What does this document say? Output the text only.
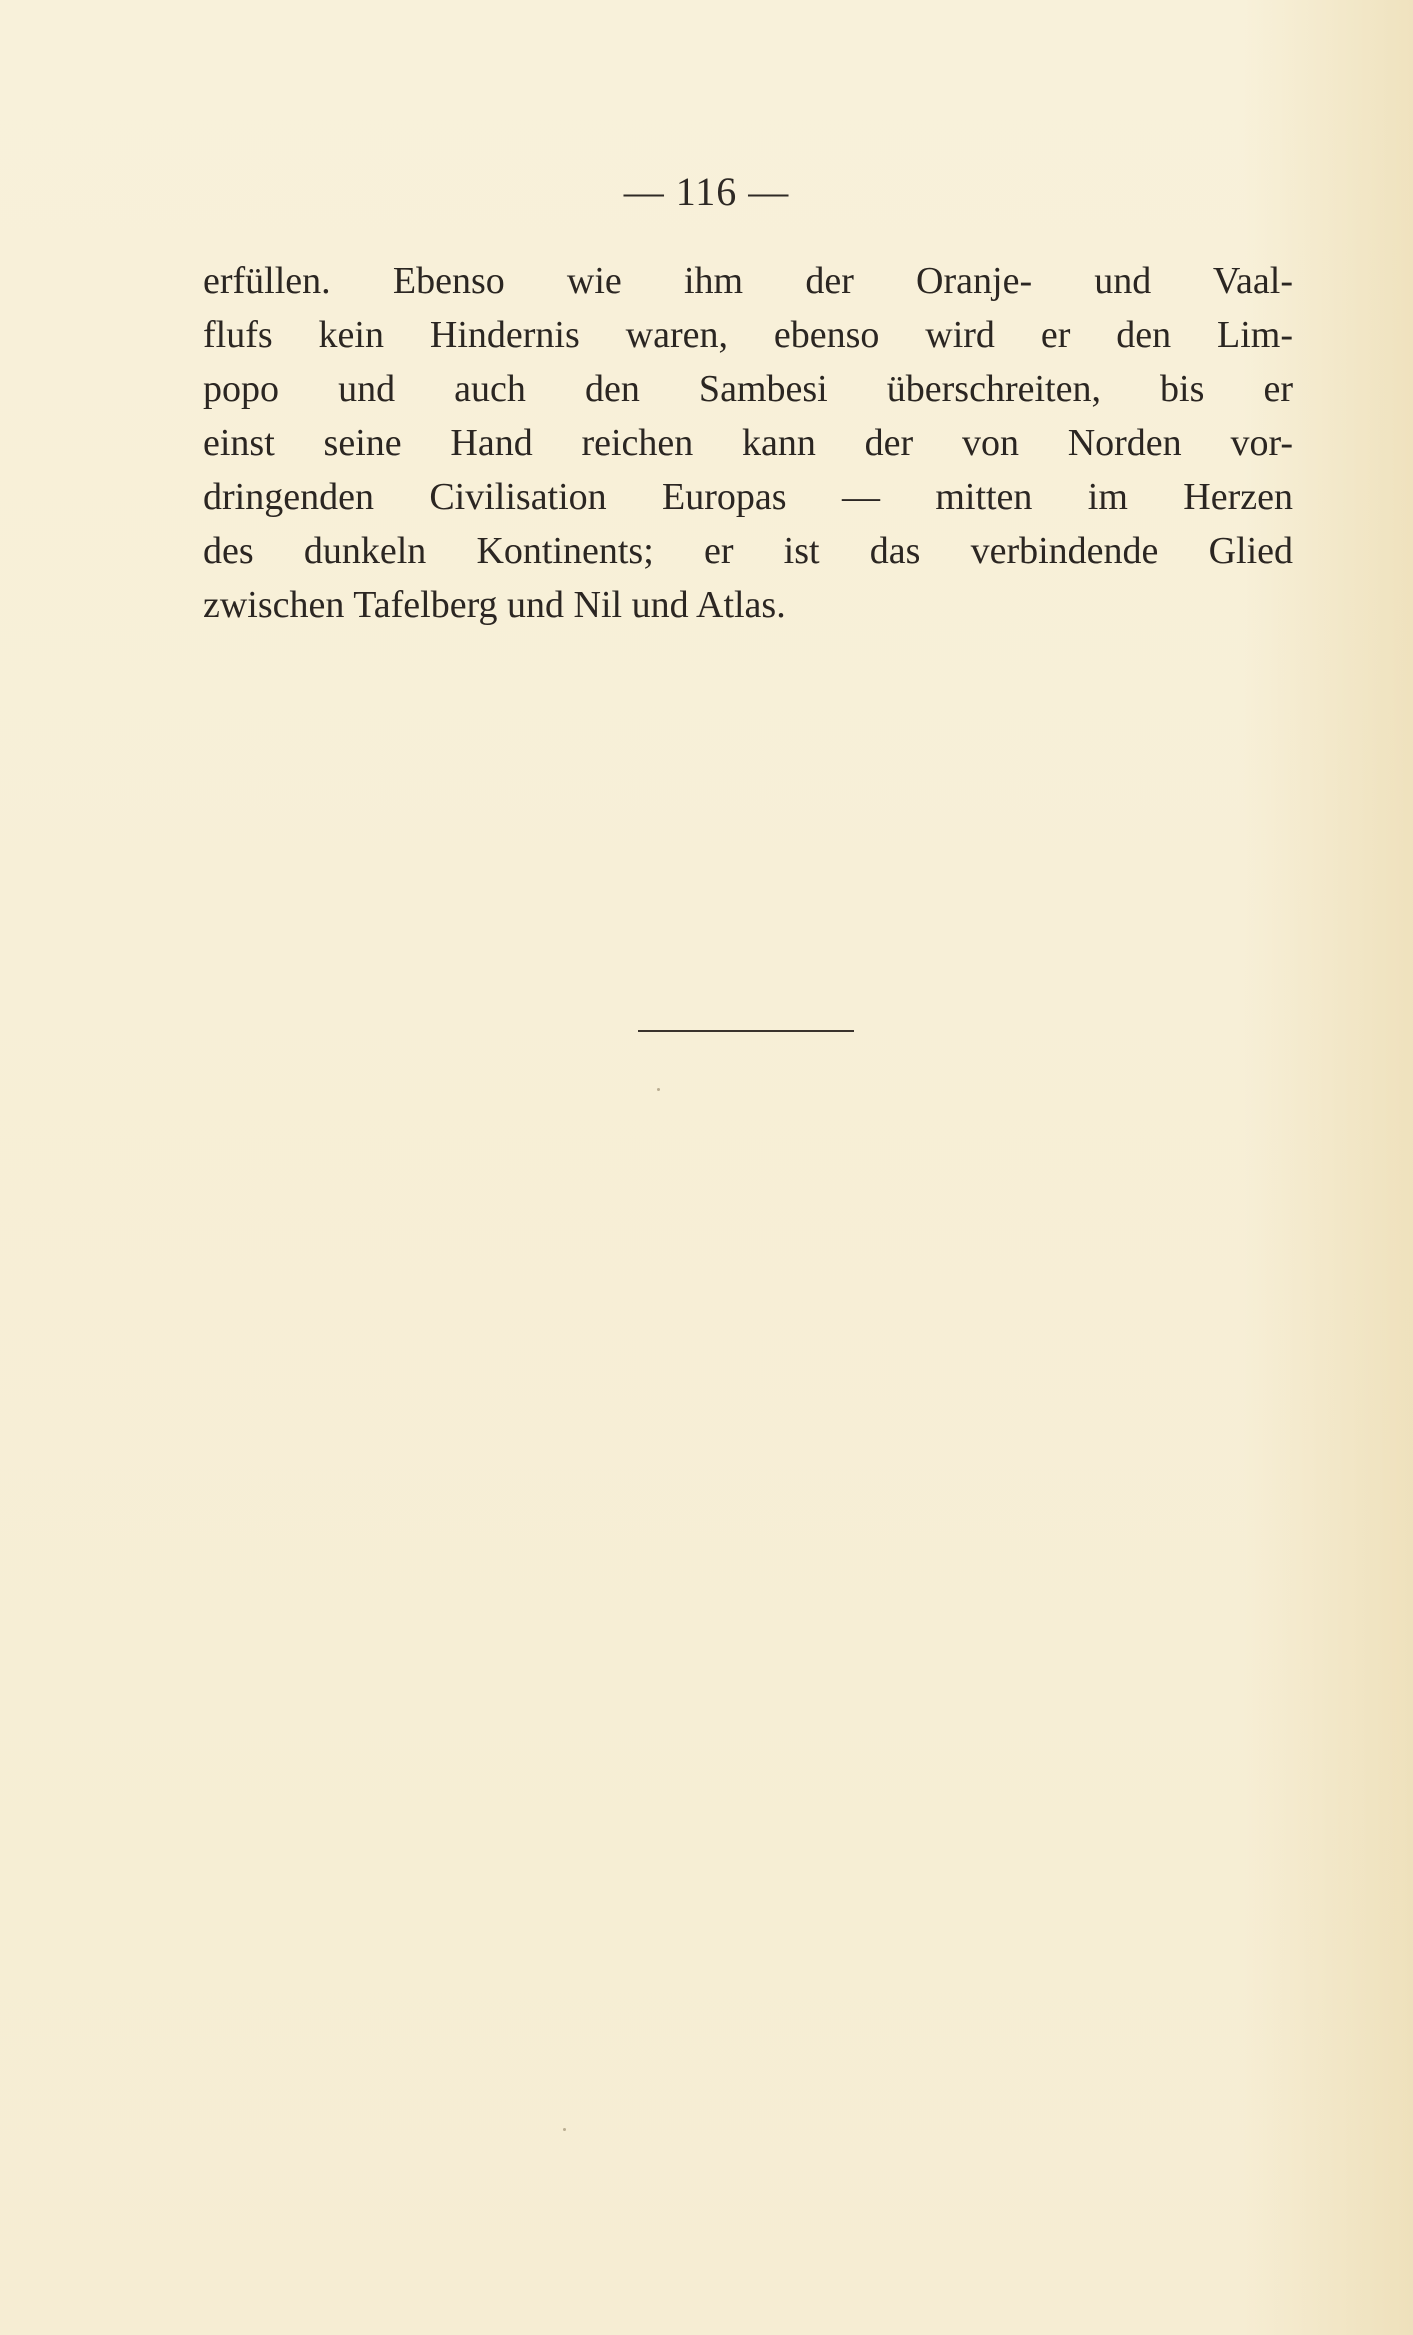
— 116 —
erfüllen. Ebenso wie ihm der Oranje- und Vaal-
flufs kein Hindernis waren, ebenso wird er den Lim-
popo und auch den Sambesi überschreiten, bis er
einst seine Hand reichen kann der von Norden vor-
dringenden Civilisation Europas — mitten im Herzen
des dunkeln Kontinents; er ist das verbindende Glied
zwischen Tafelberg und Nil und Atlas.
